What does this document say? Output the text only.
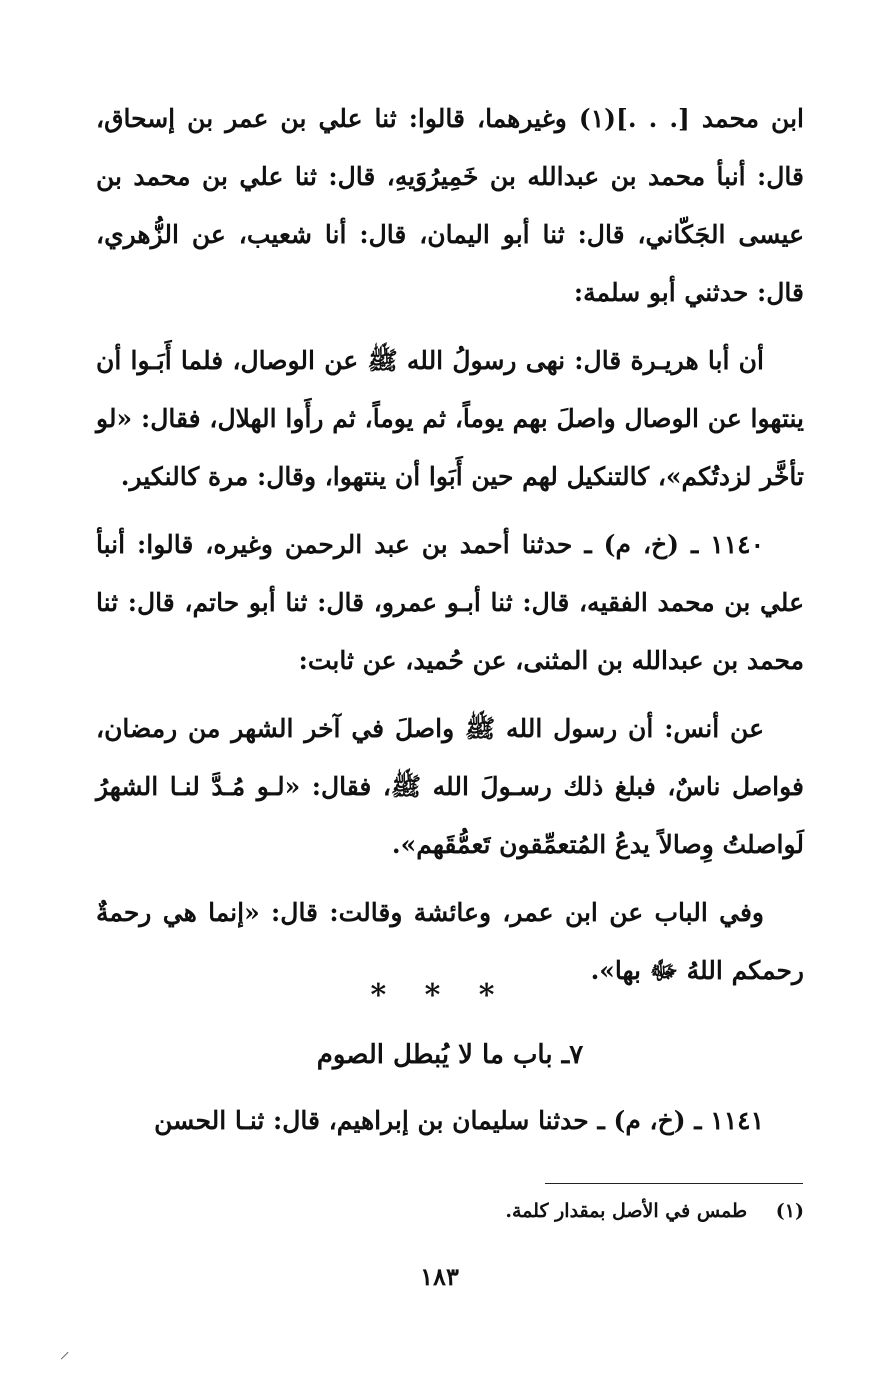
ابن محمد [. . .](١) وغيرهما، قالوا: ثنا علي بن عمر بن إسحاق، قال: أنبأ محمد بن عبدالله بن خَمِيرُوَيهِ، قال: ثنا علي بن محمد بن عيسى الجَكّاني، قال: ثنا أبو اليمان، قال: أنا شعيب، عن الزُّهري، قال: حدثني أبو سلمة:

أن أبا هريـرة قال: نهى رسولُ الله ﷺ عن الوصال، فلما أَبَـوا أن ينتهوا عن الوصال واصلَ بهم يوماً، ثم يوماً، ثم رأَوا الهلال، فقال: «لو تأخَّر لزدتُكم»، كالتنكيل لهم حين أَبَوا أن ينتهوا، وقال: مرة كالنكير.

١١٤٠ ـ (خ، م) ـ حدثنا أحمد بن عبد الرحمن وغيره، قالوا: أنبأ علي بن محمد الفقيه، قال: ثنا أبـو عمرو، قال: ثنا أبو حاتم، قال: ثنا محمد بن عبدالله بن المثنى، عن حُميد، عن ثابت:

عن أنس: أن رسول الله ﷺ واصلَ في آخر الشهر من رمضان، فواصل ناسٌ، فبلغ ذلك رسـولَ الله ﷺ، فقال: «لـو مُـدَّ لنـا الشهرُ لَواصلتُ وِصالاً يدعُ المُتعمِّقون تَعمُّقَهم».

وفي الباب عن ابن عمر، وعائشة وقالت: قال: «إنما هي رحمةٌ رحمكم اللهُ ﷻ بها».

* * *
٧ـ باب ما لا يُبطل الصوم
١١٤١ ـ (خ، م) ـ حدثنا سليمان بن إبراهيم، قال: ثنـا الحسن
(١) طمس في الأصل بمقدار كلمة.
١٨٣
